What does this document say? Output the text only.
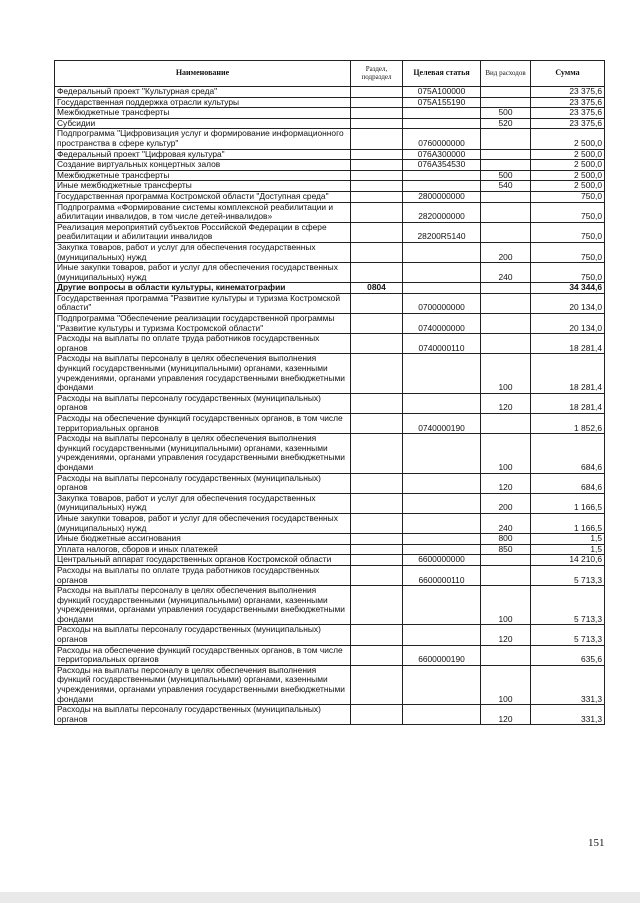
Наименование	Раздел, подраздел	Целевая статья	Вид расходов	Сумма
Федеральный проект "Культурная среда"		075А100000		23 375,6
Государственная поддержка отрасли культуры		075А155190		23 375,6
Межбюджетные трансферты			500	23 375,6
Субсидии			520	23 375,6
Подпрограмма "Цифровизация услуг и формирование информационного пространства в сфере культур"		0760000000		2 500,0
Федеральный проект "Цифровая культура"		076А300000		2 500,0
Создание виртуальных концертных залов		076А354530		2 500,0
Межбюджетные трансферты			500	2 500,0
Иные межбюджетные трансферты			540	2 500,0
Государственная программа Костромской области "Доступная среда"		2800000000		750,0
Подпрограмма «Формирование системы комплексной реабилитации и абилитации инвалидов, в том числе детей-инвалидов»		2820000000		750,0
Реализация мероприятий субъектов Российской Федерации в сфере реабилитации и абилитации инвалидов		28200R5140		750,0
Закупка товаров, работ и услуг для обеспечения государственных (муниципальных) нужд			200	750,0
Иные закупки товаров, работ и услуг для обеспечения государственных (муниципальных) нужд			240	750,0
Другие вопросы в области культуры, кинематографии	0804			34 344,6
Государственная программа "Развитие культуры и туризма Костромской области"		0700000000		20 134,0
Подпрограмма "Обеспечение реализации государственной программы "Развитие культуры и туризма Костромской области"		0740000000		20 134,0
Расходы на выплаты по оплате труда работников государственных органов		0740000110		18 281,4
Расходы на выплаты персоналу в целях обеспечения выполнения функций государственными (муниципальными) органами, казенными учреждениями, органами управления государственными внебюджетными фондами			100	18 281,4
Расходы на выплаты персоналу государственных (муниципальных) органов			120	18 281,4
Расходы на обеспечение функций государственных органов, в том числе территориальных органов		0740000190		1 852,6
Расходы на выплаты персоналу в целях обеспечения выполнения функций государственными (муниципальными) органами, казенными учреждениями, органами управления государственными внебюджетными фондами			100	684,6
Расходы на выплаты персоналу государственных (муниципальных) органов			120	684,6
Закупка товаров, работ и услуг для обеспечения государственных (муниципальных) нужд			200	1 166,5
Иные закупки товаров, работ и услуг для обеспечения государственных (муниципальных) нужд			240	1 166,5
Иные бюджетные ассигнования			800	1,5
Уплата налогов, сборов и иных платежей			850	1,5
Центральный аппарат государственных органов Костромской области		6600000000		14 210,6
Расходы на выплаты по оплате труда работников государственных органов		6600000110		5 713,3
Расходы на выплаты персоналу в целях обеспечения выполнения функций государственными (муниципальными) органами, казенными учреждениями, органами управления государственными внебюджетными фондами			100	5 713,3
Расходы на выплаты персоналу государственных (муниципальных) органов			120	5 713,3
Расходы на обеспечение функций государственных органов, в том числе территориальных органов		6600000190		635,6
Расходы на выплаты персоналу в целях обеспечения выполнения функций государственными (муниципальными) органами, казенными учреждениями, органами управления государственными внебюджетными фондами			100	331,3
Расходы на выплаты персоналу государственных (муниципальных) органов			120	331,3
151
